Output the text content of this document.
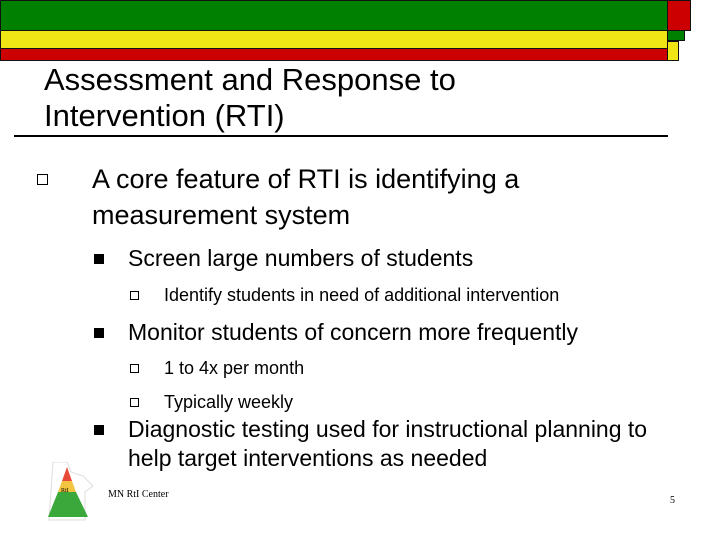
Assessment and Response to Intervention (RTI)
A core feature of RTI is identifying a measurement system
Screen large numbers of students
Identify students in need of additional intervention
Monitor students of concern more frequently
1 to 4x per month
Typically weekly
Diagnostic testing used for instructional planning to help target interventions as needed
RtI	MN RtI Center
5
